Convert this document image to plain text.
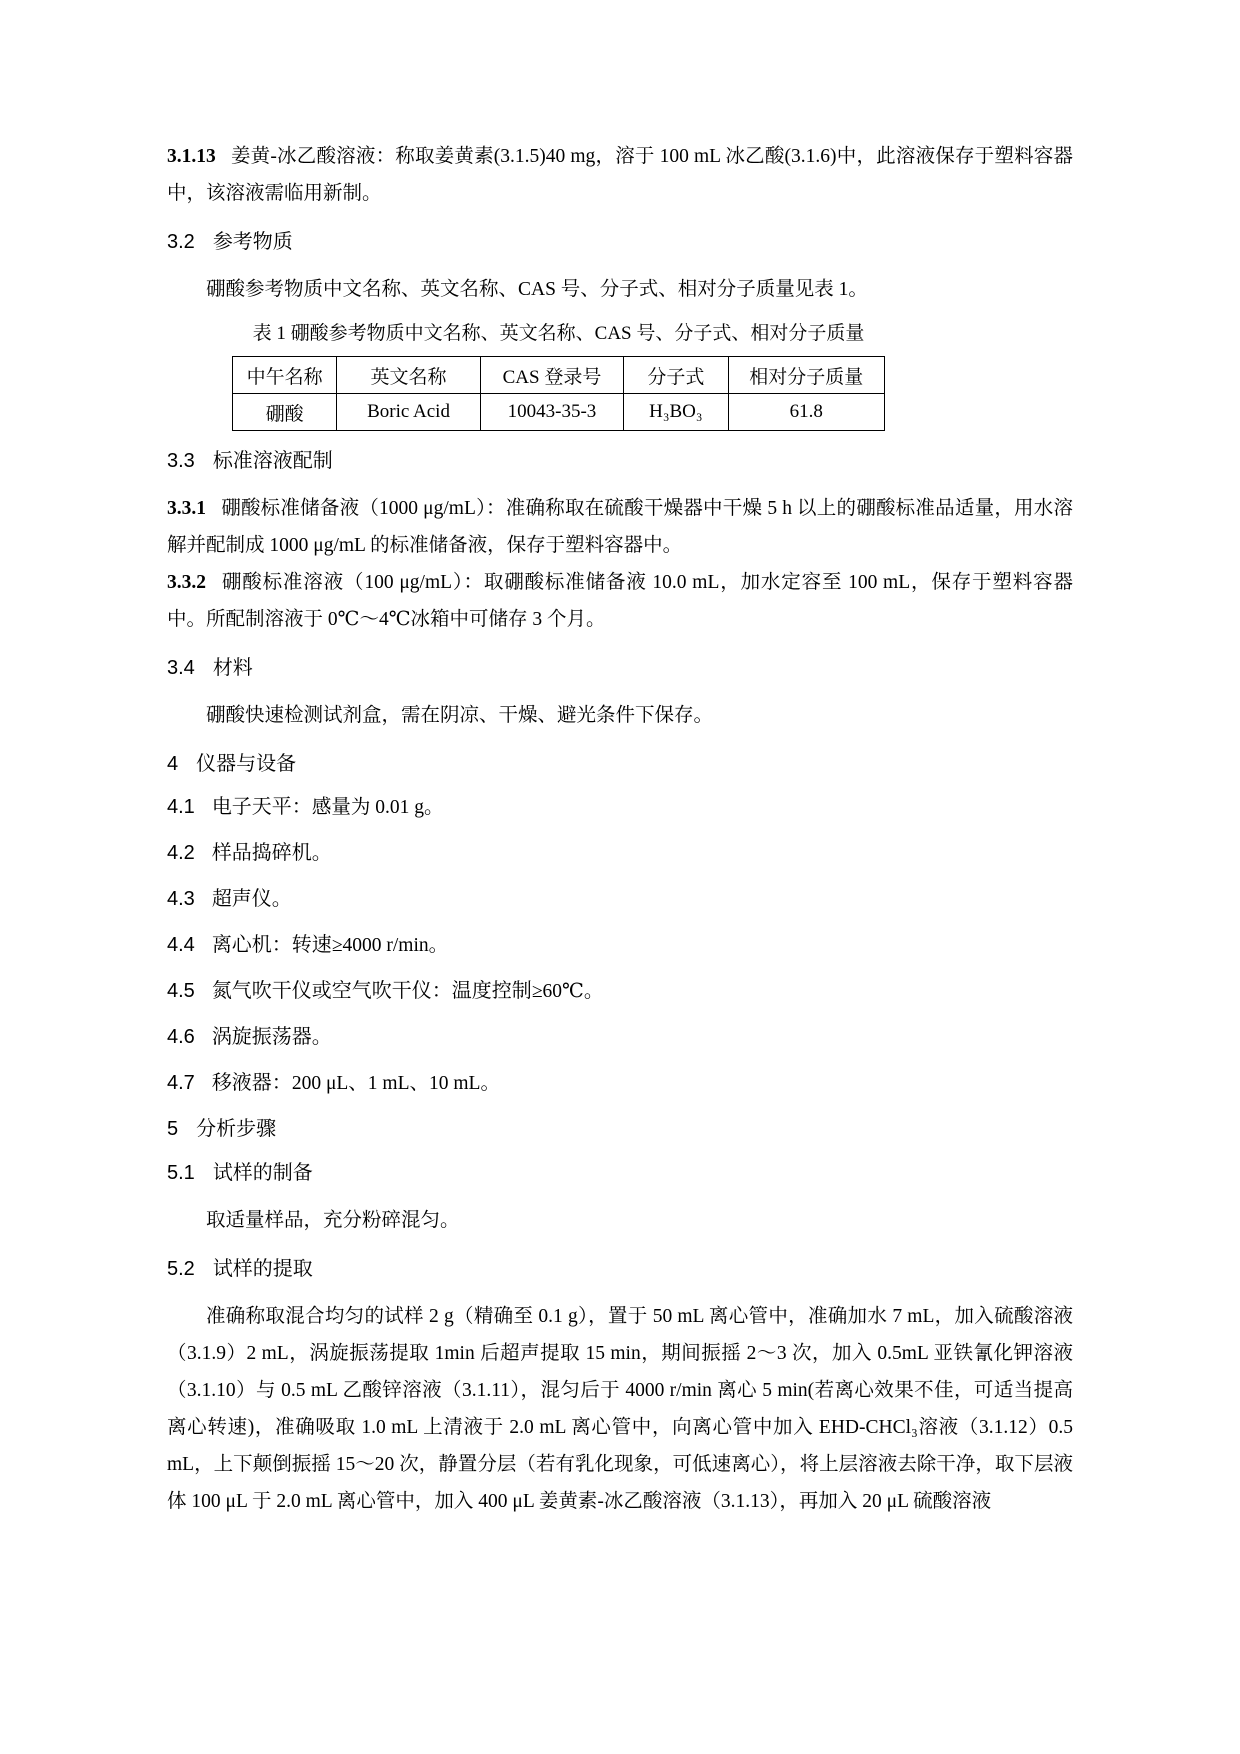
3.1.13 姜黄-冰乙酸溶液：称取姜黄素(3.1.5)40 mg，溶于 100 mL 冰乙酸(3.1.6)中，此溶液保存于塑料容器中，该溶液需临用新制。

3.2 参考物质

硼酸参考物质中文名称、英文名称、CAS 号、分子式、相对分子质量见表 1。

表 1 硼酸参考物质中文名称、英文名称、CAS 号、分子式、相对分子质量
中午名称	英文名称	CAS 登录号	分子式	相对分子质量
硼酸	Boric Acid	10043-35-3	H₃BO₃	61.8
3.3 标准溶液配制

3.3.1 硼酸标准储备液（1000 μg/mL）：准确称取在硫酸干燥器中干燥 5 h 以上的硼酸标准品适量，用水溶解并配制成 1000 μg/mL 的标准储备液，保存于塑料容器中。

3.3.2 硼酸标准溶液（100 μg/mL）：取硼酸标准储备液 10.0 mL，加水定容至 100 mL，保存于塑料容器中。所配制溶液于 0℃～4℃冰箱中可储存 3 个月。

3.4 材料

硼酸快速检测试剂盒，需在阴凉、干燥、避光条件下保存。

4 仪器与设备

4.1 电子天平：感量为 0.01 g。

4.2 样品捣碎机。

4.3 超声仪。

4.4 离心机：转速≥4000 r/min。

4.5 氮气吹干仪或空气吹干仪：温度控制≥60℃。

4.6 涡旋振荡器。

4.7 移液器：200 μL、1 mL、10 mL。

5 分析步骤
5.1 试样的制备

取适量样品，充分粉碎混匀。

5.2 试样的提取

准确称取混合均匀的试样 2 g（精确至 0.1 g），置于 50 mL 离心管中，准确加水 7 mL，加入硫酸溶液（3.1.9）2 mL，涡旋振荡提取 1min 后超声提取 15 min，期间振摇 2～3 次，加入 0.5mL 亚铁氰化钾溶液（3.1.10）与 0.5 mL 乙酸锌溶液（3.1.11），混匀后于 4000 r/min 离心 5 min(若离心效果不佳，可适当提高离心转速)，准确吸取 1.0 mL 上清液于 2.0 mL 离心管中，向离心管中加入 EHD-CHCl₃溶液（3.1.12）0.5 mL，上下颠倒振摇 15～20 次，静置分层（若有乳化现象，可低速离心），将上层溶液去除干净，取下层液体 100 μL 于 2.0 mL 离心管中，加入 400 μL 姜黄素-冰乙酸溶液（3.1.13），再加入 20 μL 硫酸溶液
